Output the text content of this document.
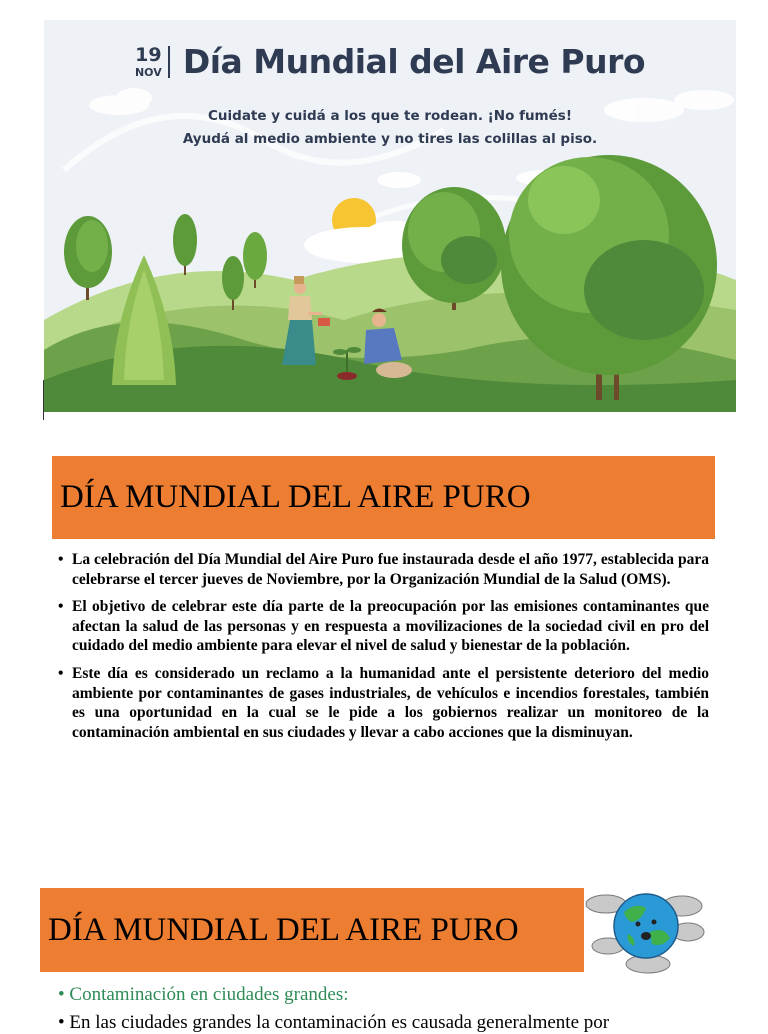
19
NOV Día Mundial del Aire Puro
Cuidate y cuidá a los que te rodean. ¡No fumés!
Ayudá al medio ambiente y no tires las colillas al piso.
DÍA MUNDIAL DEL AIRE PURO
• La celebración del Día Mundial del Aire Puro fue instaurada desde el año 1977, establecida para celebrarse el tercer jueves de Noviembre, por la Organización Mundial de la Salud (OMS).
• El objetivo de celebrar este día parte de la preocupación por las emisiones contaminantes que afectan la salud de las personas y en respuesta a movilizaciones de la sociedad civil en pro del cuidado del medio ambiente para elevar el nivel de salud y bienestar de la población.
• Este día es considerado un reclamo a la humanidad ante el persistente deterioro del medio ambiente por contaminantes de gases industriales, de vehículos e incendios forestales, también es una oportunidad en la cual se le pide a los gobiernos realizar un monitoreo de la contaminación ambiental en sus ciudades y llevar a cabo acciones que la disminuyan.
DÍA MUNDIAL DEL AIRE PURO
• Contaminación en ciudades grandes:
• En las ciudades grandes la contaminación es causada generalmente por
